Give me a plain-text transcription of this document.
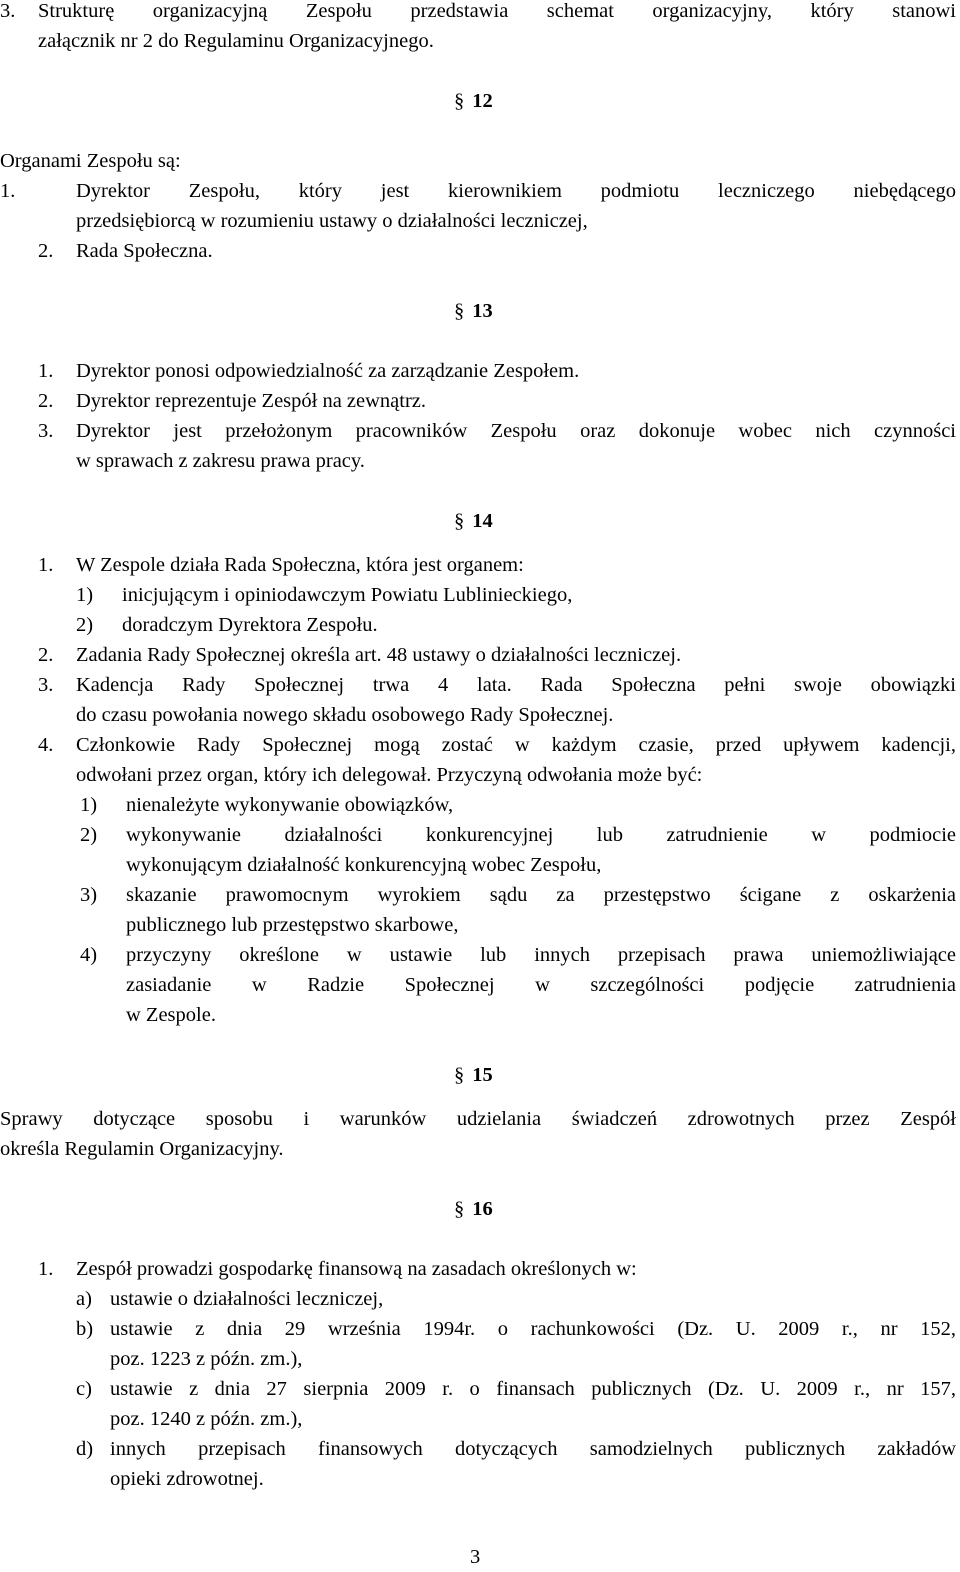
3. Strukturę organizacyjną Zespołu przedstawia schemat organizacyjny, który stanowi
załącznik nr 2 do Regulaminu Organizacyjnego.
§ 12
Organami Zespołu są:
1.	Dyrektor Zespołu, który jest kierownikiem podmiotu leczniczego niebędącego
przedsiębiorcą w rozumieniu ustawy o działalności leczniczej,
2. Rada Społeczna.
§ 13
1. Dyrektor ponosi odpowiedzialność za zarządzanie Zespołem.
2. Dyrektor reprezentuje Zespół na zewnątrz.
3. Dyrektor jest przełożonym pracowników Zespołu oraz dokonuje wobec nich czynności
w sprawach z zakresu prawa pracy.
§ 14
1. W Zespole działa Rada Społeczna, która jest organem:
1) inicjującym i opiniodawczym Powiatu Lublinieckiego,
2) doradczym Dyrektora Zespołu.
2. Zadania Rady Społecznej określa art. 48 ustawy o działalności leczniczej.
3. Kadencja Rady Społecznej trwa 4 lata. Rada Społeczna pełni swoje obowiązki
do czasu powołania nowego składu osobowego Rady Społecznej.
4. Członkowie Rady Społecznej mogą zostać w każdym czasie, przed upływem kadencji,
odwołani przez organ, który ich delegował. Przyczyną odwołania może być:
1) nienależyte wykonywanie obowiązków,
2) wykonywanie działalności konkurencyjnej lub zatrudnienie w podmiocie
wykonującym działalność konkurencyjną wobec Zespołu,
3) skazanie prawomocnym wyrokiem sądu za przestępstwo ścigane z oskarżenia
publicznego lub przestępstwo skarbowe,
4) przyczyny określone w ustawie lub innych przepisach prawa uniemożliwiające
zasiadanie w Radzie Społecznej w szczególności podjęcie zatrudnienia
w Zespole.
§ 15
Sprawy dotyczące sposobu i warunków udzielania świadczeń zdrowotnych przez Zespół
określa Regulamin Organizacyjny.
§ 16
1. Zespół prowadzi gospodarkę finansową na zasadach określonych w:
a) ustawie o działalności leczniczej,
b) ustawie z dnia 29 września 1994r. o rachunkowości (Dz. U. 2009 r., nr 152,
poz. 1223 z późn. zm.),
c) ustawie z dnia 27 sierpnia 2009 r. o finansach publicznych (Dz. U. 2009 r., nr 157,
poz. 1240 z późn. zm.),
d) innych przepisach finansowych dotyczących samodzielnych publicznych zakładów
opieki zdrowotnej.
3
